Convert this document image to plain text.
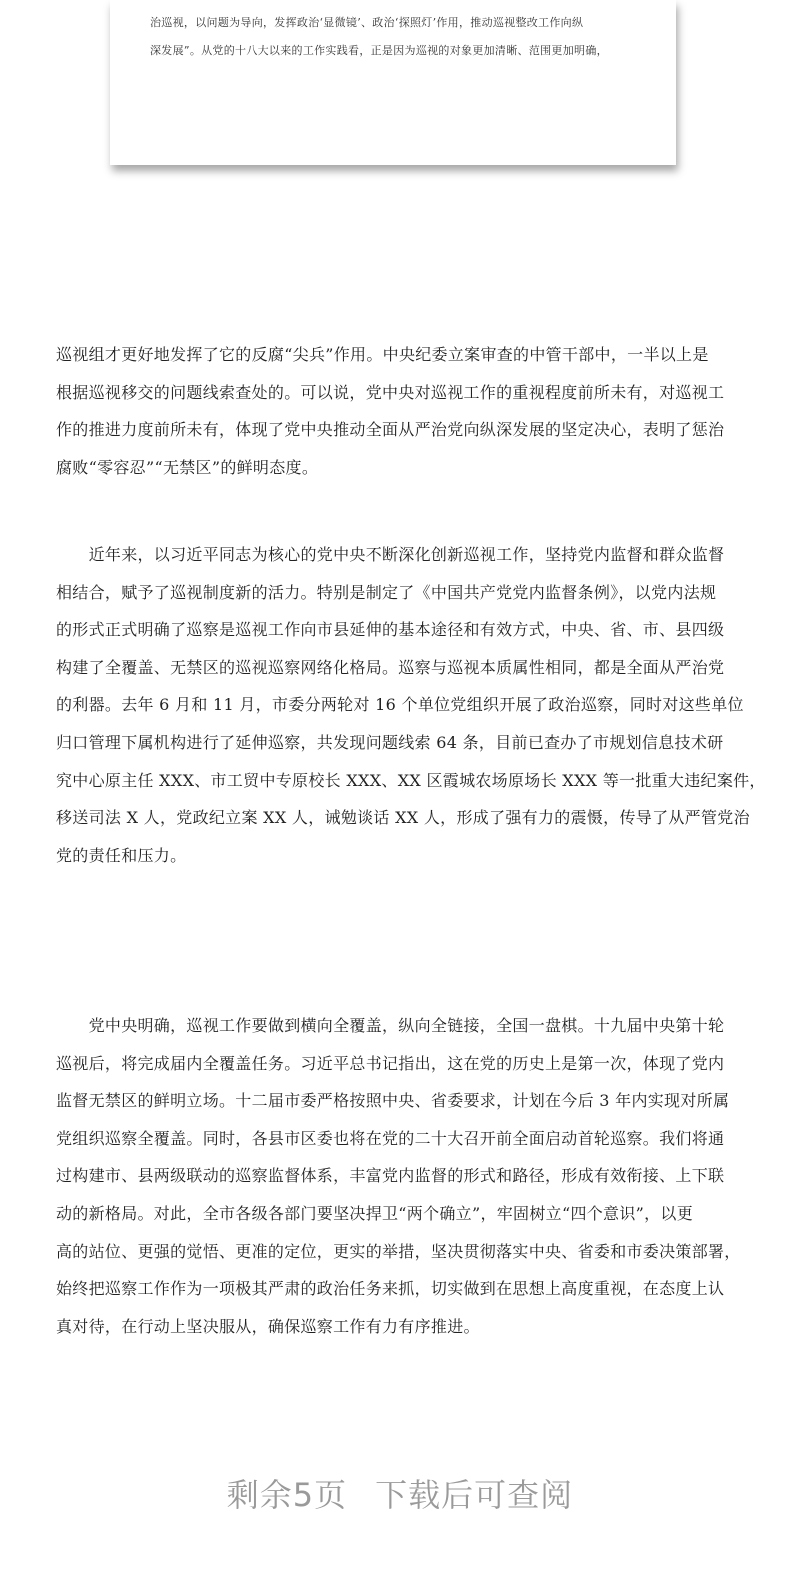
治巡视，以问题为导向，发挥政治‘显微镜’、政治‘探照灯’作用，推动巡视整改工作向纵
深发展”。从党的十八大以来的工作实践看，正是因为巡视的对象更加清晰、范围更加明确，
巡视组才更好地发挥了它的反腐“尖兵”作用。中央纪委立案审查的中管干部中，一半以上是
根据巡视移交的问题线索查处的。可以说，党中央对巡视工作的重视程度前所未有，对巡视工
作的推进力度前所未有，体现了党中央推动全面从严治党向纵深发展的坚定决心，表明了惩治
腐败“零容忍”“无禁区”的鲜明态度。
　　近年来，以习近平同志为核心的党中央不断深化创新巡视工作，坚持党内监督和群众监督
相结合，赋予了巡视制度新的活力。特别是制定了《中国共产党党内监督条例》，以党内法规
的形式正式明确了巡察是巡视工作向市县延伸的基本途径和有效方式，中央、省、市、县四级
构建了全覆盖、无禁区的巡视巡察网络化格局。巡察与巡视本质属性相同，都是全面从严治党
的利器。去年 6 月和 11 月，市委分两轮对 16 个单位党组织开展了政治巡察，同时对这些单位
归口管理下属机构进行了延伸巡察，共发现问题线索 64 条，目前已查办了市规划信息技术研
究中心原主任 XXX、市工贸中专原校长 XXX、XX 区霞城农场原场长 XXX 等一批重大违纪案件，
移送司法 X 人，党政纪立案 XX 人，诫勉谈话 XX 人，形成了强有力的震慑，传导了从严管党治
党的责任和压力。
　　党中央明确，巡视工作要做到横向全覆盖，纵向全链接，全国一盘棋。十九届中央第十轮
巡视后，将完成届内全覆盖任务。习近平总书记指出，这在党的历史上是第一次，体现了党内
监督无禁区的鲜明立场。十二届市委严格按照中央、省委要求，计划在今后 3 年内实现对所属
党组织巡察全覆盖。同时，各县市区委也将在党的二十大召开前全面启动首轮巡察。我们将通
过构建市、县两级联动的巡察监督体系，丰富党内监督的形式和路径，形成有效衔接、上下联
动的新格局。对此，全市各级各部门要坚决捍卫“两个确立”，牢固树立“四个意识”，以更
高的站位、更强的觉悟、更准的定位，更实的举措，坚决贯彻落实中央、省委和市委决策部署，
始终把巡察工作作为一项极其严肃的政治任务来抓，切实做到在思想上高度重视，在态度上认
真对待，在行动上坚决服从，确保巡察工作有力有序推进。
剩余5页 下载后可查阅
